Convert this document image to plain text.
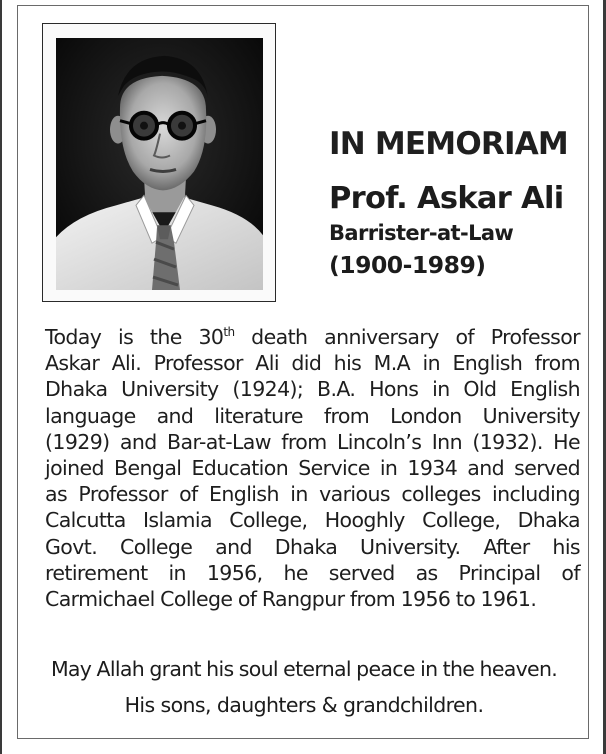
IN MEMORIAM
Prof. Askar Ali
Barrister-at-Law
(1900-1989)
Today is the 30th death anniversary of Professor
Askar Ali. Professor Ali did his M.A in English from
Dhaka University (1924); B.A. Hons in Old English
language and literature from London University
(1929) and Bar-at-Law from Lincoln’s Inn (1932). He
joined Bengal Education Service in 1934 and served
as Professor of English in various colleges including
Calcutta Islamia College, Hooghly College, Dhaka
Govt. College and Dhaka University. After his
retirement in 1956, he served as Principal of
Carmichael College of Rangpur from 1956 to 1961.
May Allah grant his soul eternal peace in the heaven.
His sons, daughters & grandchildren.
